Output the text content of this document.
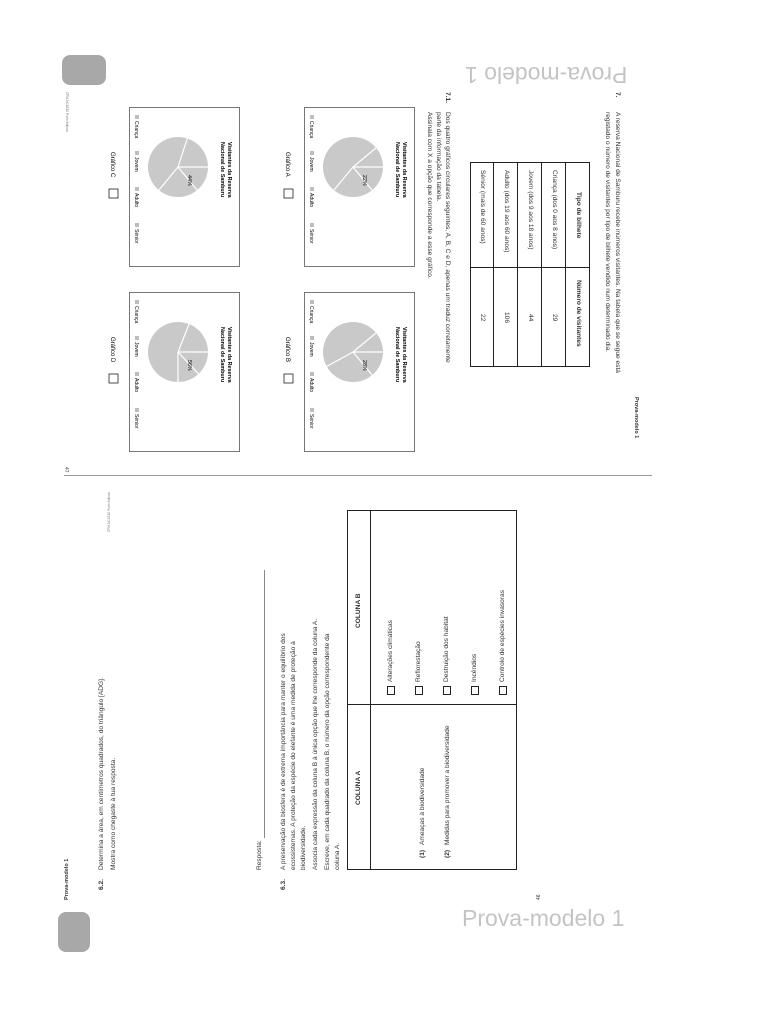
Prova-modelo 1
Prova-modelo 1
Prova-modelo 1
7.
A reserva Nacional de Samburu recebe inúmeros visitantes. Na tabela que se segue está
registado o número de visitantes por tipo de bilhete vendido num determinado dia.
Tipo de bilhete
Número de visitantes
Criança (dos 0 aos 8 anos)
29
Jovem (dos 9 aos 18 anos)
44
Adulto (dos 19 aos 60 anos)
106
Sénior (mais de 60 anos)
22
7.1.
Dos quatro gráficos circulares seguintes, A, B, C e D, apenas um traduz corretamente
parte da informação da tabela.
Assinala com X a opção que corresponde a esse gráfico.
Visitantes da Reserva
Nacional de Samburu
22%
Criança
Jovem
Adulto
Sénior
Gráfico A
Visitantes da Reserva
Nacional de Samburu
28%
Criança
Jovem
Adulto
Sénior
Gráfico B
Visitantes da Reserva
Nacional de Samburu
44%
Criança
Jovem
Adulto
Sénior
Gráfico C
Visitantes da Reserva
Nacional de Samburu
56%
Criança
Jovem
Adulto
Sénior
Gráfico D
CPM-NCLE10 Porto Editora
47
Prova-modelo 1	6.2.
Determina a área, em centímetros quadrados, do triângulo [ADG]. Mostra como chegaste à tua resposta.	Resposta:
6.3.
A preservação da biosfera é de extrema importância para manter o equilíbrio dos ecossistemas. A proteção da espécie do elefante é uma medida de proteção à biodiversidade. Associa cada expressão da coluna B à única opção que lhe corresponde da coluna A. Escreve, em cada quadrado da coluna B, o número da opção correspondente da coluna A.
COLUNA A
COLUNA B
(1)
Ameaças à biodiversidade
(2)
Medidas para promover a biodiversidade
Alterações climáticas	Reflorestação	Destruição dos habitat	Incêndios	Controlo de espécies invasoras
CPM-NCLE10 Porto Editora
46
